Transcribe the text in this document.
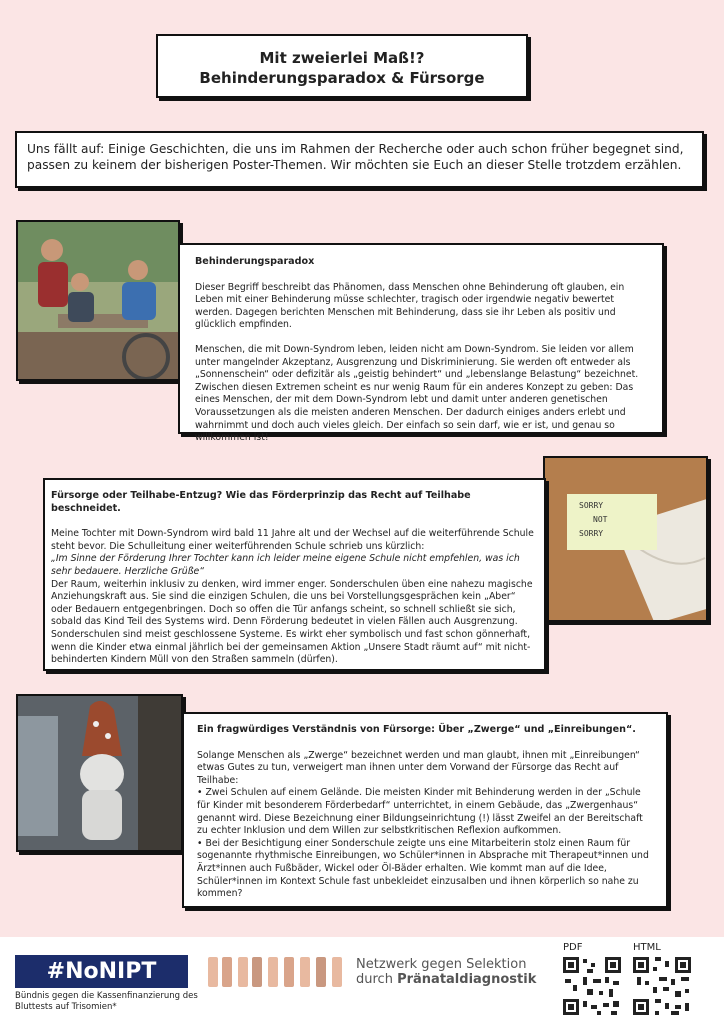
Mit zweierlei Maß!?
Behinderungsparadox & Fürsorge
Uns fällt auf: Einige Geschichten, die uns im Rahmen der Recherche oder auch schon früher begegnet sind, passen zu keinem der bisherigen Poster-Themen. Wir möchten sie Euch an dieser Stelle trotzdem erzählen.
Behinderungsparadox

Dieser Begriff beschreibt das Phänomen, dass Menschen ohne Behinderung oft glauben, ein Leben mit einer Behinderung müsse schlechter, tragisch oder irgendwie negativ bewertet werden. Dagegen berichten Menschen mit Behinderung, dass sie ihr Leben als positiv und glücklich empfinden.

Menschen, die mit Down-Syndrom leben, leiden nicht am Down-Syndrom. Sie leiden vor allem unter mangelnder Akzeptanz, Ausgrenzung und Diskriminierung. Sie werden oft entweder als „Sonnenschein“ oder defizitär als „geistig behindert“ und „lebenslange Belastung“ bezeichnet. Zwischen diesen Extremen scheint es nur wenig Raum für ein anderes Konzept zu geben: Das eines Menschen, der mit dem Down-Syndrom lebt und damit unter anderen genetischen Voraussetzungen als die meisten anderen Menschen. Der dadurch einiges anders erlebt und wahrnimmt und doch auch vieles gleich. Der einfach so sein darf, wie er ist, und genau so willkommen ist!

SORRY
NOT
SORRY
Fürsorge oder Teilhabe-Entzug? Wie das Förderprinzip das Recht auf Teilhabe beschneidet.

Meine Tochter mit Down-Syndrom wird bald 11 Jahre alt und der Wechsel auf die weiterführende Schule steht bevor. Die Schulleitung einer weiterführenden Schule schrieb uns kürzlich:

„Im Sinne der Förderung Ihrer Tochter kann ich leider meine eigene Schule nicht empfehlen, was ich sehr bedauere. Herzliche Grüße“

Der Raum, weiterhin inklusiv zu denken, wird immer enger. Sonderschulen üben eine nahezu magische Anziehungskraft aus. Sie sind die einzigen Schulen, die uns bei Vorstellungsgesprächen kein „Aber“ oder Bedauern entgegenbringen. Doch so offen die Tür anfangs scheint, so schnell schließt sie sich, sobald das Kind Teil des Systems wird. Denn Förderung bedeutet in vielen Fällen auch Ausgrenzung. Sonderschulen sind meist geschlossene Systeme. Es wirkt eher symbolisch und fast schon gönnerhaft, wenn die Kinder etwa einmal jährlich bei der gemeinsamen Aktion „Unsere Stadt räumt auf“ mit nicht-behinderten Kindern Müll von den Straßen sammeln (dürfen).

Ein fragwürdiges Verständnis von Fürsorge: Über „Zwerge“ und „Einreibungen“.

Solange Menschen als „Zwerge“ bezeichnet werden und man glaubt, ihnen mit „Einreibungen“ etwas Gutes zu tun, verweigert man ihnen unter dem Vorwand der Fürsorge das Recht auf Teilhabe:

• Zwei Schulen auf einem Gelände. Die meisten Kinder mit Behinderung werden in der „Schule für Kinder mit besonderem Förderbedarf“ unterrichtet, in einem Gebäude, das „Zwergenhaus“ genannt wird. Diese Bezeichnung einer Bildungseinrichtung (!) lässt Zweifel an der Bereitschaft zu echter Inklusion und dem Willen zur selbstkritischen Reflexion aufkommen.

• Bei der Besichtigung einer Sonderschule zeigte uns eine Mitarbeiterin stolz einen Raum für sogenannte rhythmische Einreibungen, wo Schüler*innen in Absprache mit Therapeut*innen und Ärzt*innen auch Fußbäder, Wickel oder Öl-Bäder erhalten. Wie kommt man auf die Idee, Schüler*innen im Kontext Schule fast unbekleidet einzusalben und ihnen körperlich so nahe zu kommen?

#NoNIPT
Bündnis gegen die Kassenfinanzierung des Bluttests auf Trisomien*
Netzwerk gegen Selektion
durch Pränataldiagnostik
PDF	HTML
